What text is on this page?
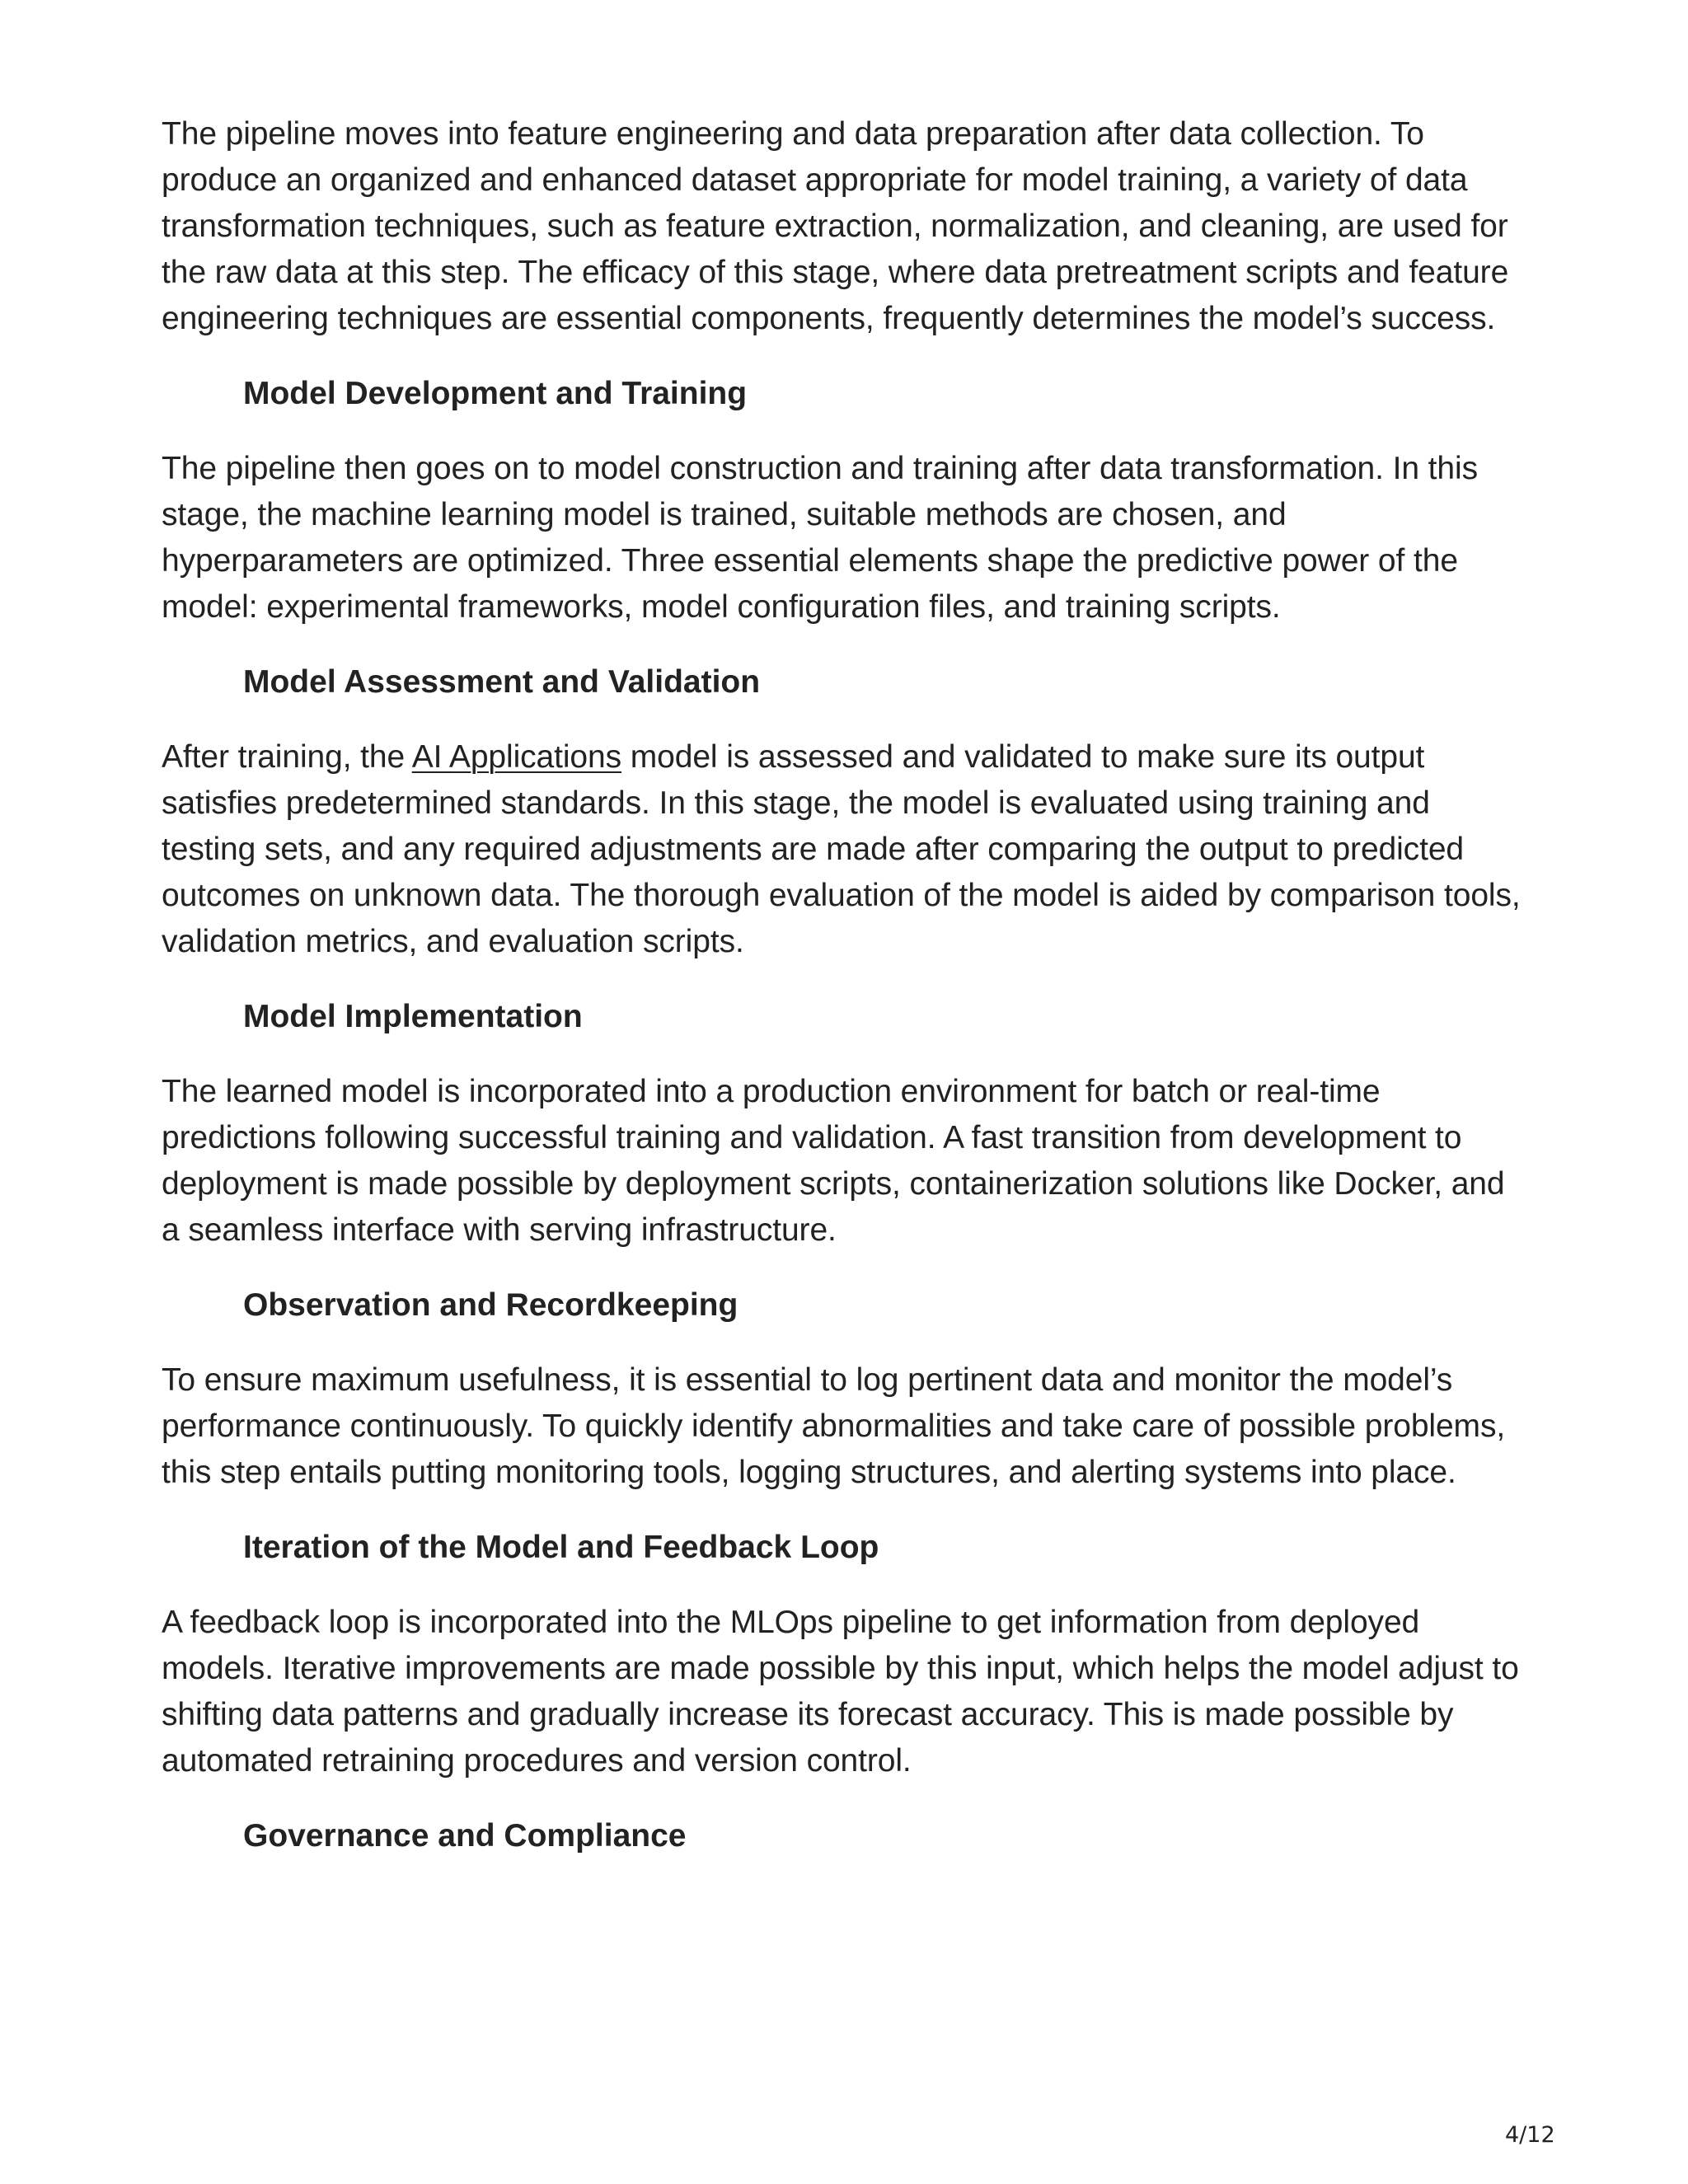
The pipeline moves into feature engineering and data preparation after data collection. To produce an organized and enhanced dataset appropriate for model training, a variety of data transformation techniques, such as feature extraction, normalization, and cleaning, are used for the raw data at this step. The efficacy of this stage, where data pretreatment scripts and feature engineering techniques are essential components, frequently determines the model’s success.

Model Development and Training

The pipeline then goes on to model construction and training after data transformation. In this stage, the machine learning model is trained, suitable methods are chosen, and hyperparameters are optimized. Three essential elements shape the predictive power of the model: experimental frameworks, model configuration files, and training scripts.

Model Assessment and Validation

After training, the AI Applications model is assessed and validated to make sure its output satisfies predetermined standards. In this stage, the model is evaluated using training and testing sets, and any required adjustments are made after comparing the output to predicted outcomes on unknown data. The thorough evaluation of the model is aided by comparison tools, validation metrics, and evaluation scripts.

Model Implementation

The learned model is incorporated into a production environment for batch or real-time predictions following successful training and validation. A fast transition from development to deployment is made possible by deployment scripts, containerization solutions like Docker, and a seamless interface with serving infrastructure.

Observation and Recordkeeping

To ensure maximum usefulness, it is essential to log pertinent data and monitor the model’s performance continuously. To quickly identify abnormalities and take care of possible problems, this step entails putting monitoring tools, logging structures, and alerting systems into place.

Iteration of the Model and Feedback Loop

A feedback loop is incorporated into the MLOps pipeline to get information from deployed models. Iterative improvements are made possible by this input, which helps the model adjust to shifting data patterns and gradually increase its forecast accuracy. This is made possible by automated retraining procedures and version control.

Governance and Compliance
4/12
